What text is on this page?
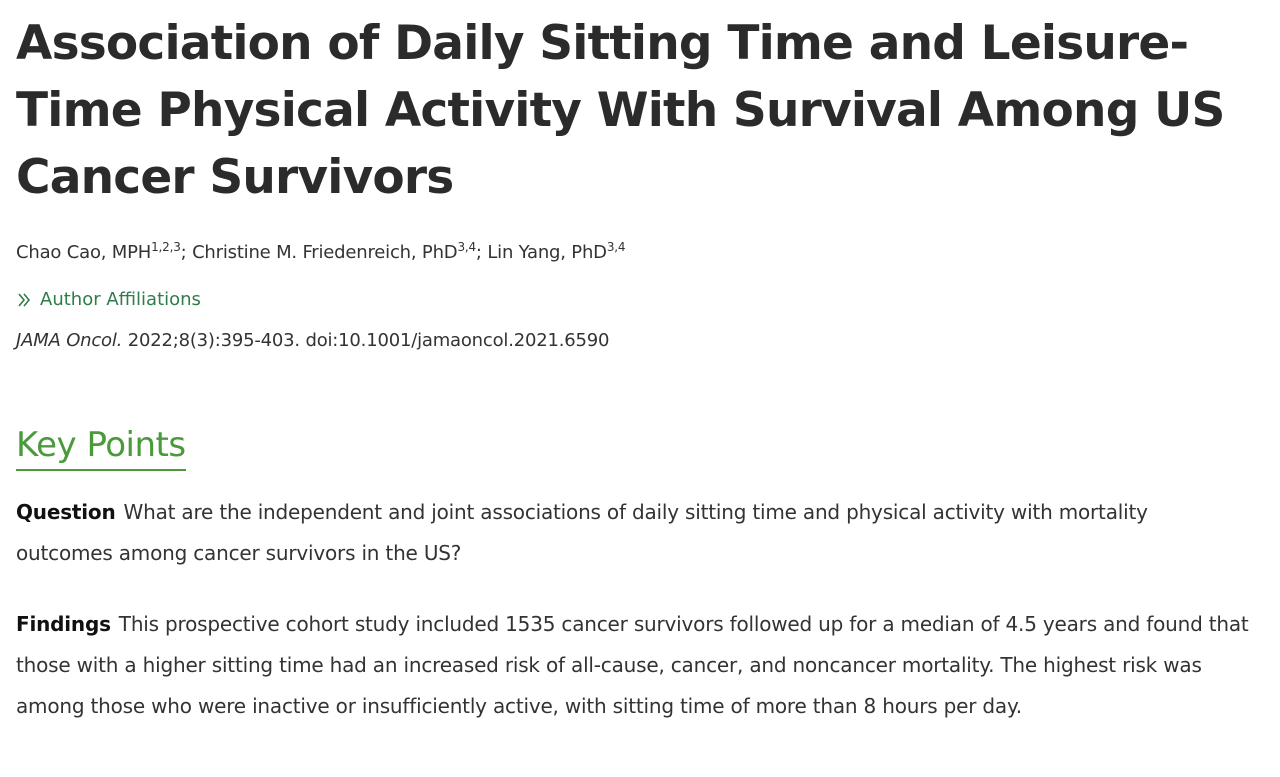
Association of Daily Sitting Time and Leisure-Time Physical Activity With Survival Among US Cancer Survivors
Chao Cao, MPH$^{1,2,3}$; Christine M. Friedenreich, PhD$^{3,4}$; Lin Yang, PhD$^{3,4}$
Author Affiliations
JAMA Oncol. 2022;8(3):395-403. doi:10.1001/jamaoncol.2021.6590
Key Points
Question What are the independent and joint associations of daily sitting time and physical activity with mortality outcomes among cancer survivors in the US?
Findings This prospective cohort study included 1535 cancer survivors followed up for a median of 4.5 years and found that those with a higher sitting time had an increased risk of all-cause, cancer, and noncancer mortality. The highest risk was among those who were inactive or insufficiently active, with sitting time of more than 8 hours per day.
